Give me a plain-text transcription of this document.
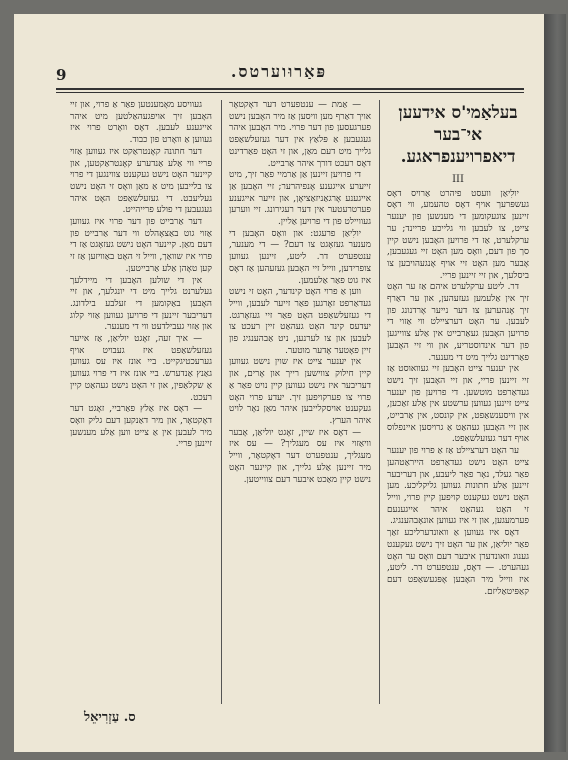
9	פּאַרוּוערטס.
בעלאַמי'ס אידעען אי־בער דיאפרויענפראגע.
III

יולִיאַן וועסט פיהרט אַרויס דאָס געשפּרעך אויף דאָס טהעמע, ווי דאָס זיינען צוגעקומען די מענשען פון יענער צייט, צו לעבען ווי גלייכע פריינד; ער ערקלערט, אַז די פרויען האָבען נישט קיין סך פון דעם, וואָס מען האָט זיי געגעבען, אָבער מען האָט זיי אויף אָנגעהויבען צו ביסלעך, און זיי זיינען פריי.

דר. ליטע ערקלערט איהם אַז ער האָט זיך אין אַלעמען געזעהען, און ער דאַרף זיך אָנהערען צו דער נייער אָרדנונג פון לעבען. ער האָט דערציילט ווי אַזוי די פרויען האָבען געאַרבייט אין אַלע צווייגען פון דער אינדוסטריע, און ווי זיי האָבען פאַרדינט גלייך מיט די מענער.

אין יענער צייט האָבען זיי געוואוסט אַז זיי זיינען פריי, און זיי האָבען זיך נישט געדאַרפט מוטשען. די פרויען פון יענער צייט זיינען געווען ערשטע אין אַלע זאַכען, אין וויסענשאַפט, אין קונסט, אין אַרבייט, און זיי האָבען געהאַט אַ גרויסען איינפלוס אויף דער געזעלשאַפט.

ער האָט דערציילט אַז אַ פרוי פון יענער צייט האָט נישט געדאַרפט הייראַטהען פאַר געלד, נאָר פאַר ליעבע, און דעריבער זיינען אַלע חתונות געווען גליקליכע. מען האָט נישט געקענט קויפען קיין פרוי, ווייל זי האָט געהאַט איהר אייגענעם פערמעגען, און זי איז געווען אונאָבהענגיג.

דאָס איז געווען אַ וואונדערליכע זאַך פאַר יוליאַן, און ער האָט זיך נישט געקענט גענוג וואונדערן איבער דעם וואָס ער האָט געהערט. — דאָס, ענטפערט דר. ליטע, איז ווייל מיר האָבען אָפּגעשאַפט דעם קאַפּיטאַליזם.

— אַמת — ענטפערט דער דאָקטאָר אויך דאַרף מען וויסען אַז מיר האָבען נישט פערגעסען פון דער פרוי. מיר האָבען איהר געגעבען אַ פּלאַץ אין דער געזעלשאַפט גלייך מיט דעם מאַן, און זי האָט פאַרדינט דאָס רעכט דורך איהר אַרבייט.

די פרויען זיינען אַן אַרמיי פאַר זיך, מיט זייערע אייגענע אָנפיהרער; זיי האָבען אַן אייגענע אָרגאַניזאַציאָן, און זייער אייגענע פערטרעטער אין דער רעגירונג. זיי ווערען געוויילט פון די פרויען אַליין.

יולִיאַן פרעגט: און וואָס האָבען די מענער געזאָגט צו דעם? — די מענער, ענטפערט דר. ליטע, זיינען געווען צופרידען, ווייל זיי האָבען געזעהען אַז דאָס איז גוט פאַר אַלעמען.

ווען אַ פרוי האָט קינדער, האָט זי נישט געדאַרפט זאָרגען פאַר זייער לעבען, ווייל די געזעלשאַפט האָט פאַר זיי געזאָרגט. יעדעס קינד האָט געהאַט זיין רעכט צו לעבען און צו לערנען, ניט אַבהענגיג פון זיין פאָטער אָדער מוטער.

אין יענער צייט איז שוין נישט געווען קיין חילוק צווישען רייך און אָרים, און דעריבער איז נישט געווען קיין נויט פאַר אַ פרוי צו פערקויפען זיך. יעדע פרוי האָט געקענט אויסקלייבען איהר מאַן נאָר לויט איהר הערץ.

— דאָס איז שיין, זאָגט יוליאַן, אָבער וויאַזוי איז עס מעגליך? — עס איז מעגליך, ענטפערט דער דאָקטאָר, ווייל מיר זיינען אַלע גלייך, און קיינער האָט נישט קיין מאַכט איבער דעם צווייטען.

געוויסע מאָמענטען פאַר אַ פרוי, און זיי האָבען זיך אויפגעהאַלטען מיט איהר אייגענע לעבען. דאָס וואָרט פרוי איז געווען אַ וואָרט פון כבוד.

דער חתונה קאָנטראַקט איז געווען אַזוי פריי ווי אַלע אַנדערע קאָנטראַקטען, און קיינער האָט נישט געקענט צווינגען די פרוי צו בלייבען מיט אַ מאַן וואָס זי האָט נישט געליעבט. די געזעלשאַפט האָט איהר געגעבען די פולע פרייהייט.

דער אַרבייט פון דער פרוי איז געווען אַזוי גוט באַצאָהלט ווי דער אַרבייט פון דעם מאַן. קיינער האָט נישט געזאָגט אַז די פרוי איז שוואַך, ווייל זי האָט באַוויזען אַז זי קען טאָהן אַלע אַרבייטען.

אין די שולען האָבען די מיידלעך געלערנט גלייך מיט די יונגלעך, און זיי האָבען באַקומען די זעלבע בילדונג. דעריבער זיינען די פרויען געווען אַזוי קלוג און אַזוי געבילדעט ווי די מענער.

— איך זעה, זאָגט יוליאַן, אַז אייער געזעלשאַפט איז געבויט אויף גערעכטיגקייט. ביי אונז איז עס געווען גאַנץ אַנדערש. ביי אונז איז די פרוי געווען אַ שקלאַפין, און זי האָט נישט געהאַט קיין רעכט.

— דאָס איז אַלץ פאַרביי, זאָגט דער דאָקטאָר, און מיר דאַנקען דעם גליק וואָס מיר לעבען אין אַ צייט ווען אַלע מענשען זיינען פריי.

ס. עַזְרִיאֵל
